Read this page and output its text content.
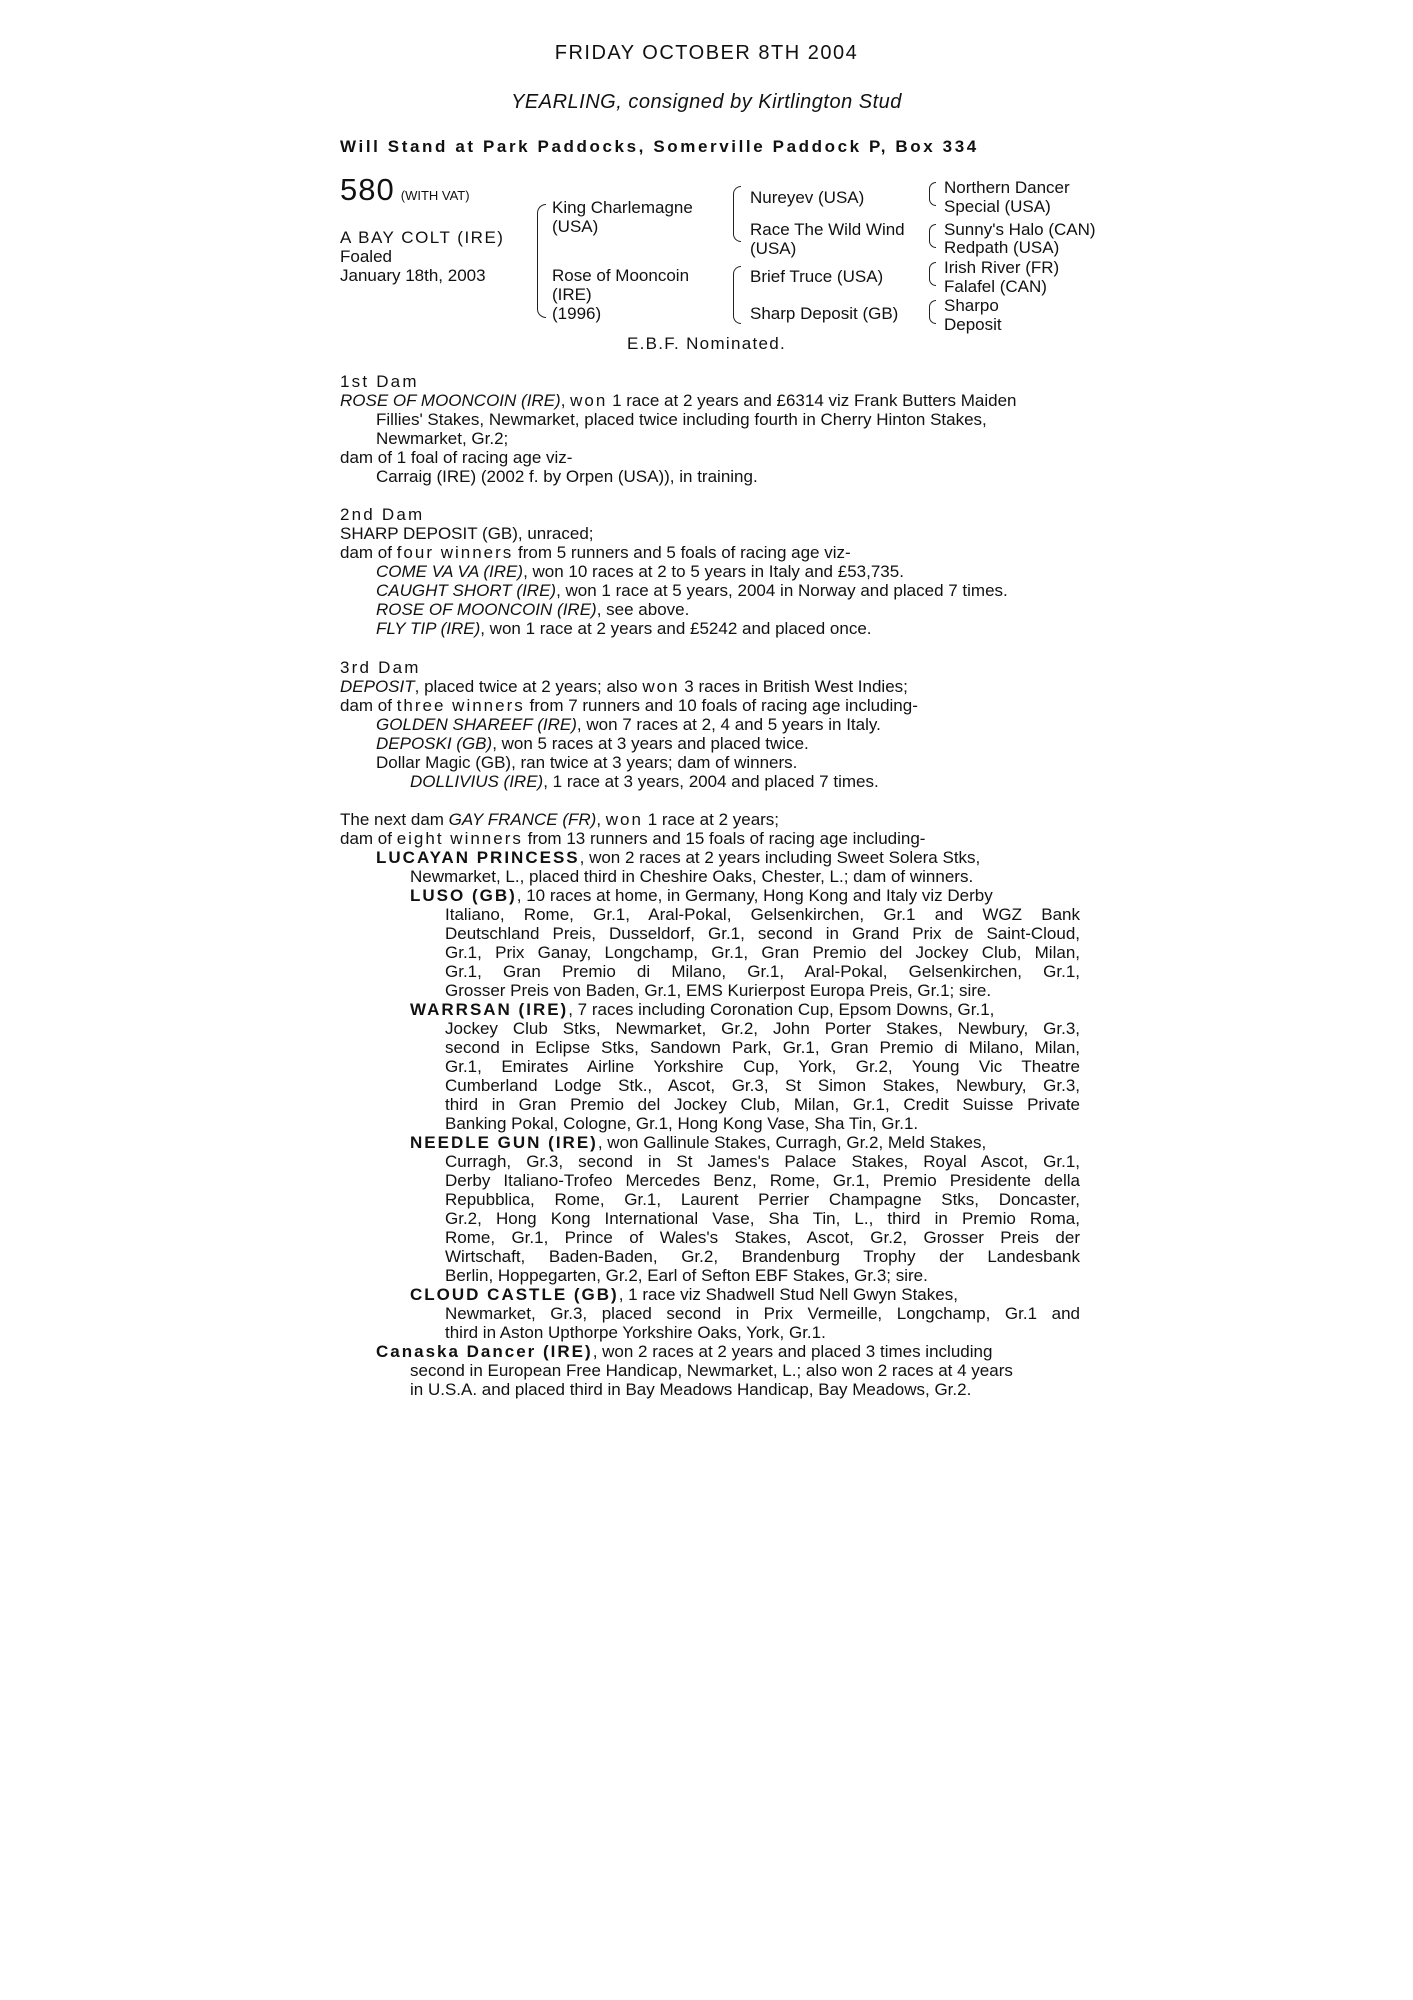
FRIDAY OCTOBER 8TH 2004
YEARLING, consigned by Kirtlington Stud
Will Stand at Park Paddocks, Somerville Paddock P, Box 334
580 (WITH VAT)
A BAY COLT (IRE)
Foaled
January 18th, 2003
King Charlemagne
(USA)
Rose of Mooncoin
(IRE)
(1996)
Nureyev (USA)
Race The Wild Wind
(USA)
Brief Truce (USA)
Sharp Deposit (GB)
Northern Dancer
Special (USA)
Sunny's Halo (CAN)
Redpath (USA)
Irish River (FR)
Falafel (CAN)
Sharpo
Deposit
E.B.F. Nominated.
1st Dam
ROSE OF MOONCOIN (IRE), won 1 race at 2 years and £6314 viz Frank Butters Maiden
Fillies' Stakes, Newmarket, placed twice including fourth in Cherry Hinton Stakes,
Newmarket, Gr.2;
dam of 1 foal of racing age viz-
Carraig (IRE) (2002 f. by Orpen (USA)), in training.
2nd Dam
SHARP DEPOSIT (GB), unraced;
dam of four winners from 5 runners and 5 foals of racing age viz-
COME VA VA (IRE), won 10 races at 2 to 5 years in Italy and £53,735.
CAUGHT SHORT (IRE), won 1 race at 5 years, 2004 in Norway and placed 7 times.
ROSE OF MOONCOIN (IRE), see above.
FLY TIP (IRE), won 1 race at 2 years and £5242 and placed once.
3rd Dam
DEPOSIT, placed twice at 2 years; also won 3 races in British West Indies;
dam of three winners from 7 runners and 10 foals of racing age including-
GOLDEN SHAREEF (IRE), won 7 races at 2, 4 and 5 years in Italy.
DEPOSKI (GB), won 5 races at 3 years and placed twice.
Dollar Magic (GB), ran twice at 3 years; dam of winners.
DOLLIVIUS (IRE), 1 race at 3 years, 2004 and placed 7 times.
The next dam GAY FRANCE (FR), won 1 race at 2 years;
dam of eight winners from 13 runners and 15 foals of racing age including-
LUCAYAN PRINCESS, won 2 races at 2 years including Sweet Solera Stks,
Newmarket, L., placed third in Cheshire Oaks, Chester, L.; dam of winners.
LUSO (GB), 10 races at home, in Germany, Hong Kong and Italy viz Derby
Italiano, Rome, Gr.1, Aral-Pokal, Gelsenkirchen, Gr.1 and WGZ Bank
Deutschland Preis, Dusseldorf, Gr.1, second in Grand Prix de Saint-Cloud,
Gr.1, Prix Ganay, Longchamp, Gr.1, Gran Premio del Jockey Club, Milan,
Gr.1, Gran Premio di Milano, Gr.1, Aral-Pokal, Gelsenkirchen, Gr.1,
Grosser Preis von Baden, Gr.1, EMS Kurierpost Europa Preis, Gr.1; sire.
WARRSAN (IRE), 7 races including Coronation Cup, Epsom Downs, Gr.1,
Jockey Club Stks, Newmarket, Gr.2, John Porter Stakes, Newbury, Gr.3,
second in Eclipse Stks, Sandown Park, Gr.1, Gran Premio di Milano, Milan,
Gr.1, Emirates Airline Yorkshire Cup, York, Gr.2, Young Vic Theatre
Cumberland Lodge Stk., Ascot, Gr.3, St Simon Stakes, Newbury, Gr.3,
third in Gran Premio del Jockey Club, Milan, Gr.1, Credit Suisse Private
Banking Pokal, Cologne, Gr.1, Hong Kong Vase, Sha Tin, Gr.1.
NEEDLE GUN (IRE), won Gallinule Stakes, Curragh, Gr.2, Meld Stakes,
Curragh, Gr.3, second in St James's Palace Stakes, Royal Ascot, Gr.1,
Derby Italiano-Trofeo Mercedes Benz, Rome, Gr.1, Premio Presidente della
Repubblica, Rome, Gr.1, Laurent Perrier Champagne Stks, Doncaster,
Gr.2, Hong Kong International Vase, Sha Tin, L., third in Premio Roma,
Rome, Gr.1, Prince of Wales's Stakes, Ascot, Gr.2, Grosser Preis der
Wirtschaft, Baden-Baden, Gr.2, Brandenburg Trophy der Landesbank
Berlin, Hoppegarten, Gr.2, Earl of Sefton EBF Stakes, Gr.3; sire.
CLOUD CASTLE (GB), 1 race viz Shadwell Stud Nell Gwyn Stakes,
Newmarket, Gr.3, placed second in Prix Vermeille, Longchamp, Gr.1 and
third in Aston Upthorpe Yorkshire Oaks, York, Gr.1.
Canaska Dancer (IRE), won 2 races at 2 years and placed 3 times including
second in European Free Handicap, Newmarket, L.; also won 2 races at 4 years
in U.S.A. and placed third in Bay Meadows Handicap, Bay Meadows, Gr.2.
